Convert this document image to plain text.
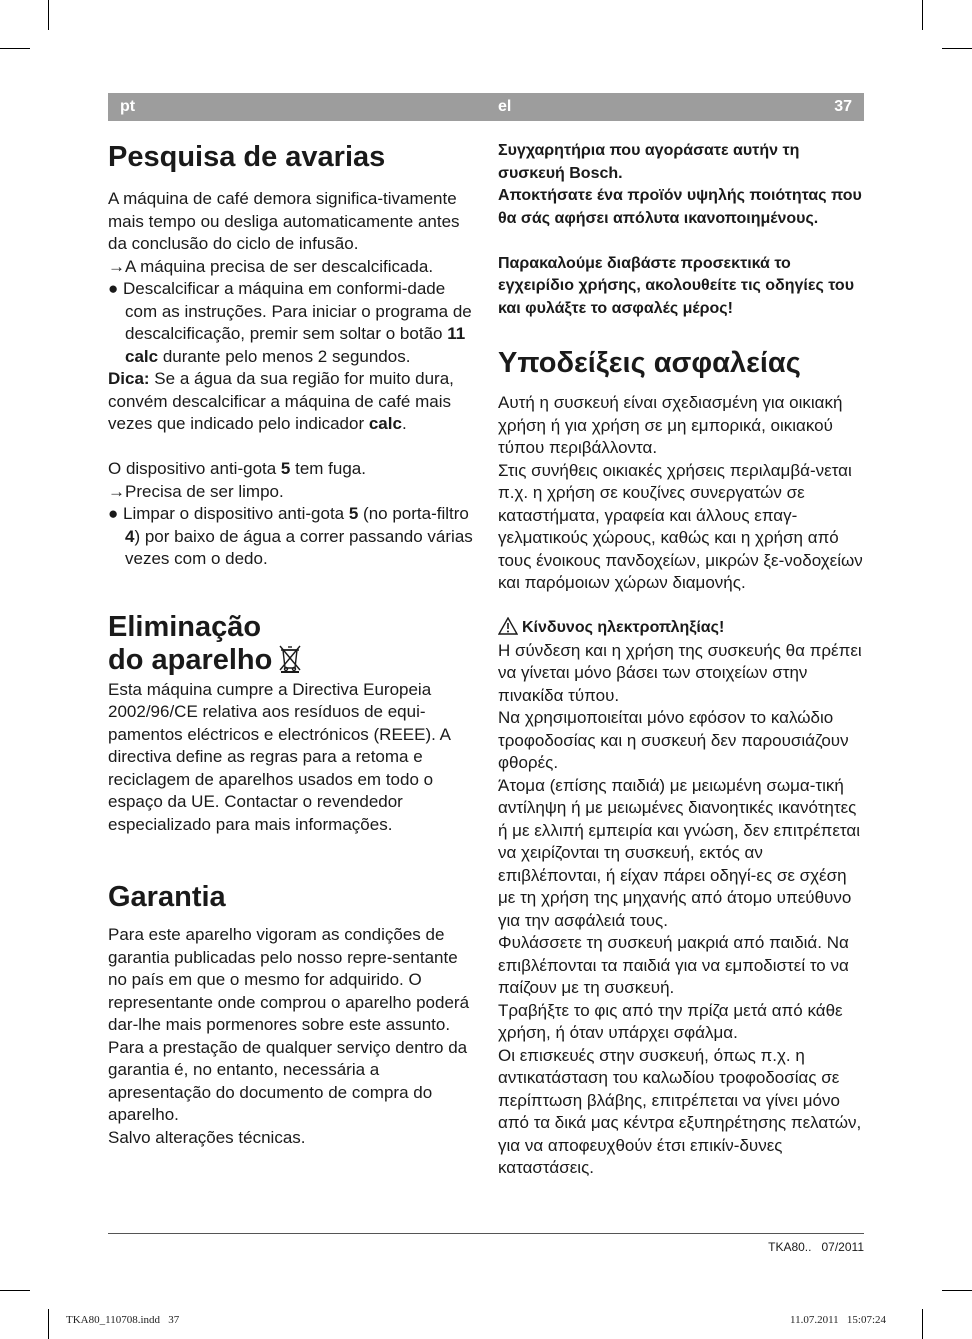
pt	el	37
Pesquisa de avarias

A máquina de café demora significa-tivamente mais tempo ou desliga automaticamente antes da conclusão do ciclo de infusão.

→A máquina precisa de ser descalcificada.

● Descalcificar a máquina em conformi-dade com as instruções. Para iniciar o programa de descalcificação, premir sem soltar o botão 11 calc durante pelo menos 2 segundos.

Dica: Se a água da sua região for muito dura, convém descalcificar a máquina de café mais vezes que indicado pelo indicador calc.

O dispositivo anti-gota 5 tem fuga.

→Precisa de ser limpo.

● Limpar o dispositivo anti-gota 5 (no porta-filtro 4) por baixo de água a correr passando várias vezes com o dedo.

Eliminação
do aparelho

Esta máquina cumpre a Directiva Europeia 2002/96/CE relativa aos resíduos de equi-pamentos eléctricos e electrónicos (REEE). A directiva define as regras para a retoma e reciclagem de aparelhos usados em todo o espaço da UE. Contactar o revendedor especializado para mais informações.

Garantia

Para este aparelho vigoram as condições de garantia publicadas pelo nosso repre-sentante no país em que o mesmo for adquirido. O representante onde comprou o aparelho poderá dar-lhe mais pormenores sobre este assunto. Para a prestação de qualquer serviço dentro da garantia é, no entanto, necessária a apresentação do documento de compra do aparelho.

Salvo alterações técnicas.

Συγχαρητήρια που αγοράσατε αυτήν τη συσκευή Bosch.

Αποκτήσατε ένα προϊόν υψηλής ποιότητας που θα σάς αφήσει απόλυτα ικανοποιημένους.

Παρακαλούμε διαβάστε προσεκτικά το εγχειρίδιο χρήσης, ακολουθείτε τις οδηγίες του και φυλάξτε το ασφαλές μέρος!

Υποδείξεις ασφαλείας

Αυτή η συσκευή είναι σχεδιασμένη για οικιακή χρήση ή για χρήση σε μη εμπορικά, οικιακού τύπου περιβάλλοντα.

Στις συνήθεις οικιακές χρήσεις περιλαμβά-νεται π.χ. η χρήση σε κουζίνες συνεργατών σε καταστήματα, γραφεία και άλλους επαγ-γελματικούς χώρους, καθώς και η χρήση από τους ένοικους πανδοχείων, μικρών ξε-νοδοχείων και παρόμοιων χώρων διαμονής.

Κίνδυνος ηλεκτροπληξίας!

Η σύνδεση και η χρήση της συσκευής θα πρέπει να γίνεται μόνο βάσει των στοιχείων στην πινακίδα τύπου.

Να χρησιμοποιείται μόνο εφόσον το καλώδιο τροφοδοσίας και η συσκευή δεν παρουσιάζουν φθορές.

Άτομα (επίσης παιδιά) με μειωμένη σωμα-τική αντίληψη ή με μειωμένες διανοητικές ικανότητες ή με ελλιπή εμπειρία και γνώση, δεν επιτρέπεται να χειρίζονται τη συσκευή, εκτός αν επιβλέπονται, ή είχαν πάρει οδηγί-ες σε σχέση με τη χρήση της μηχανής από άτομο υπεύθυνο για την ασφάλειά τους.

Φυλάσσετε τη συσκευή μακριά από παιδιά. Να επιβλέπονται τα παιδιά για να εμποδιστεί το να παίζουν με τη συσκευή.

Τραβήξτε το φις από την πρίζα μετά από κάθε χρήση, ή όταν υπάρχει σφάλμα.

Οι επισκευές στην συσκευή, όπως π.χ. η αντικατάσταση του καλωδίου τροφοδοσίας σε περίπτωση βλάβης, επιτρέπεται να γίνει μόνο από τα δικά μας κέντρα εξυπηρέτησης πελατών, για να αποφευχθούν έτσι επικίν-δυνες καταστάσεις.

TKA80.. 07/2011
TKA80_110708.indd   37	11.07.2011   15:07:24
